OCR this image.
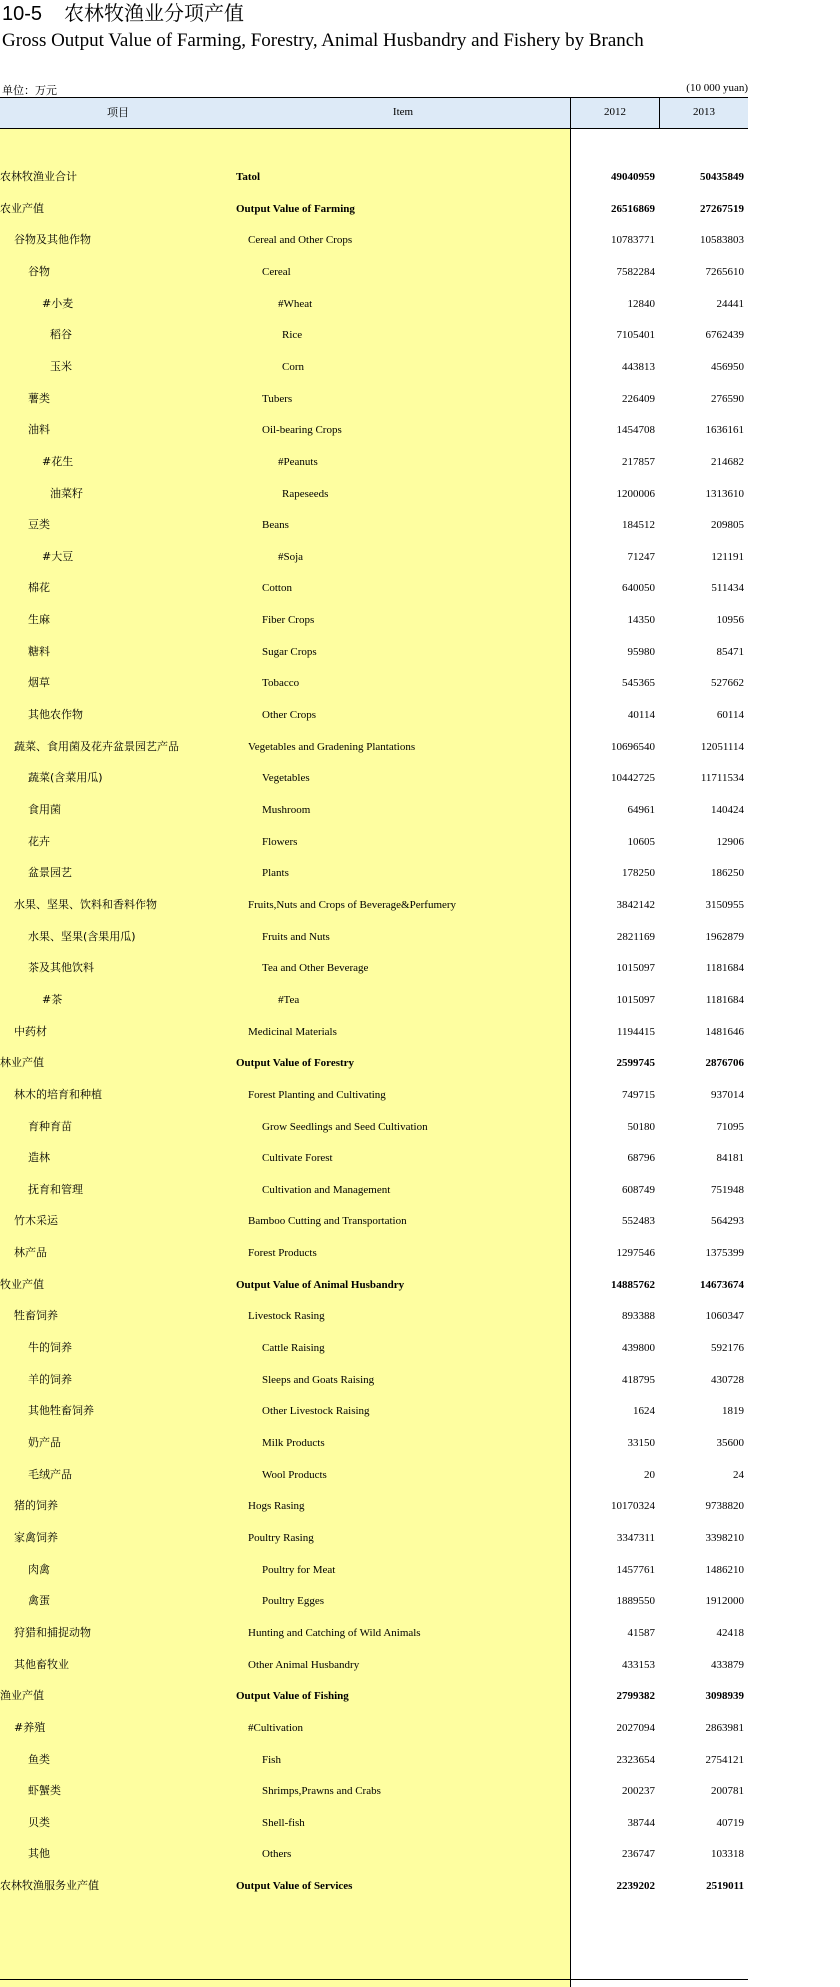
10-5 农林牧渔业分项产值
Gross Output Value of Farming, Forestry, Animal Husbandry and Fishery by Branch
单位：万元	(10 000 yuan)
项目	Item	2012	2013
农林牧渔业合计	Tatol	49040959	50435849
农业产值	Output Value of Farming	26516869	27267519
谷物及其他作物	Cereal and Other Crops	10783771	10583803
谷物	Cereal	7582284	7265610
#小麦	#Wheat	12840	24441
稻谷	Rice	7105401	6762439
玉米	Corn	443813	456950
薯类	Tubers	226409	276590
油料	Oil-bearing Crops	1454708	1636161
#花生	#Peanuts	217857	214682
油菜籽	Rapeseeds	1200006	1313610
豆类	Beans	184512	209805
#大豆	#Soja	71247	121191
棉花	Cotton	640050	511434
生麻	Fiber Crops	14350	10956
糖料	Sugar Crops	95980	85471
烟草	Tobacco	545365	527662
其他农作物	Other Crops	40114	60114
蔬菜、食用菌及花卉盆景园艺产品	Vegetables and Gradening Plantations	10696540	12051114
蔬菜(含菜用瓜)	Vegetables	10442725	11711534
食用菌	Mushroom	64961	140424
花卉	Flowers	10605	12906
盆景园艺	Plants	178250	186250
水果、坚果、饮料和香料作物	Fruits,Nuts and Crops of Beverage&Perfumery	3842142	3150955
水果、坚果(含果用瓜)	Fruits and Nuts	2821169	1962879
茶及其他饮料	Tea and Other Beverage	1015097	1181684
#茶	#Tea	1015097	1181684
中药材	Medicinal Materials	1194415	1481646
林业产值	Output Value of Forestry	2599745	2876706
林木的培育和种植	Forest Planting and Cultivating	749715	937014
育种育苗	Grow Seedlings and Seed Cultivation	50180	71095
造林	Cultivate Forest	68796	84181
抚育和管理	Cultivation and Management	608749	751948
竹木采运	Bamboo Cutting and Transportation	552483	564293
林产品	Forest Products	1297546	1375399
牧业产值	Output Value of Animal Husbandry	14885762	14673674
牲畜饲养	Livestock Rasing	893388	1060347
牛的饲养	Cattle Raising	439800	592176
羊的饲养	Sleeps and Goats Raising	418795	430728
其他牲畜饲养	Other Livestock Raising	1624	1819
奶产品	Milk Products	33150	35600
毛绒产品	Wool Products	20	24
猪的饲养	Hogs Rasing	10170324	9738820
家禽饲养	Poultry Rasing	3347311	3398210
肉禽	Poultry for Meat	1457761	1486210
禽蛋	Poultry Egges	1889550	1912000
狩猎和捕捉动物	Hunting and Catching of Wild Animals	41587	42418
其他畜牧业	Other Animal Husbandry	433153	433879
渔业产值	Output Value of Fishing	2799382	3098939
#养殖	#Cultivation	2027094	2863981
鱼类	Fish	2323654	2754121
虾蟹类	Shrimps,Prawns and Crabs	200237	200781
贝类	Shell-fish	38744	40719
其他	Others	236747	103318
农林牧渔服务业产值	Output Value of Services	2239202	2519011
